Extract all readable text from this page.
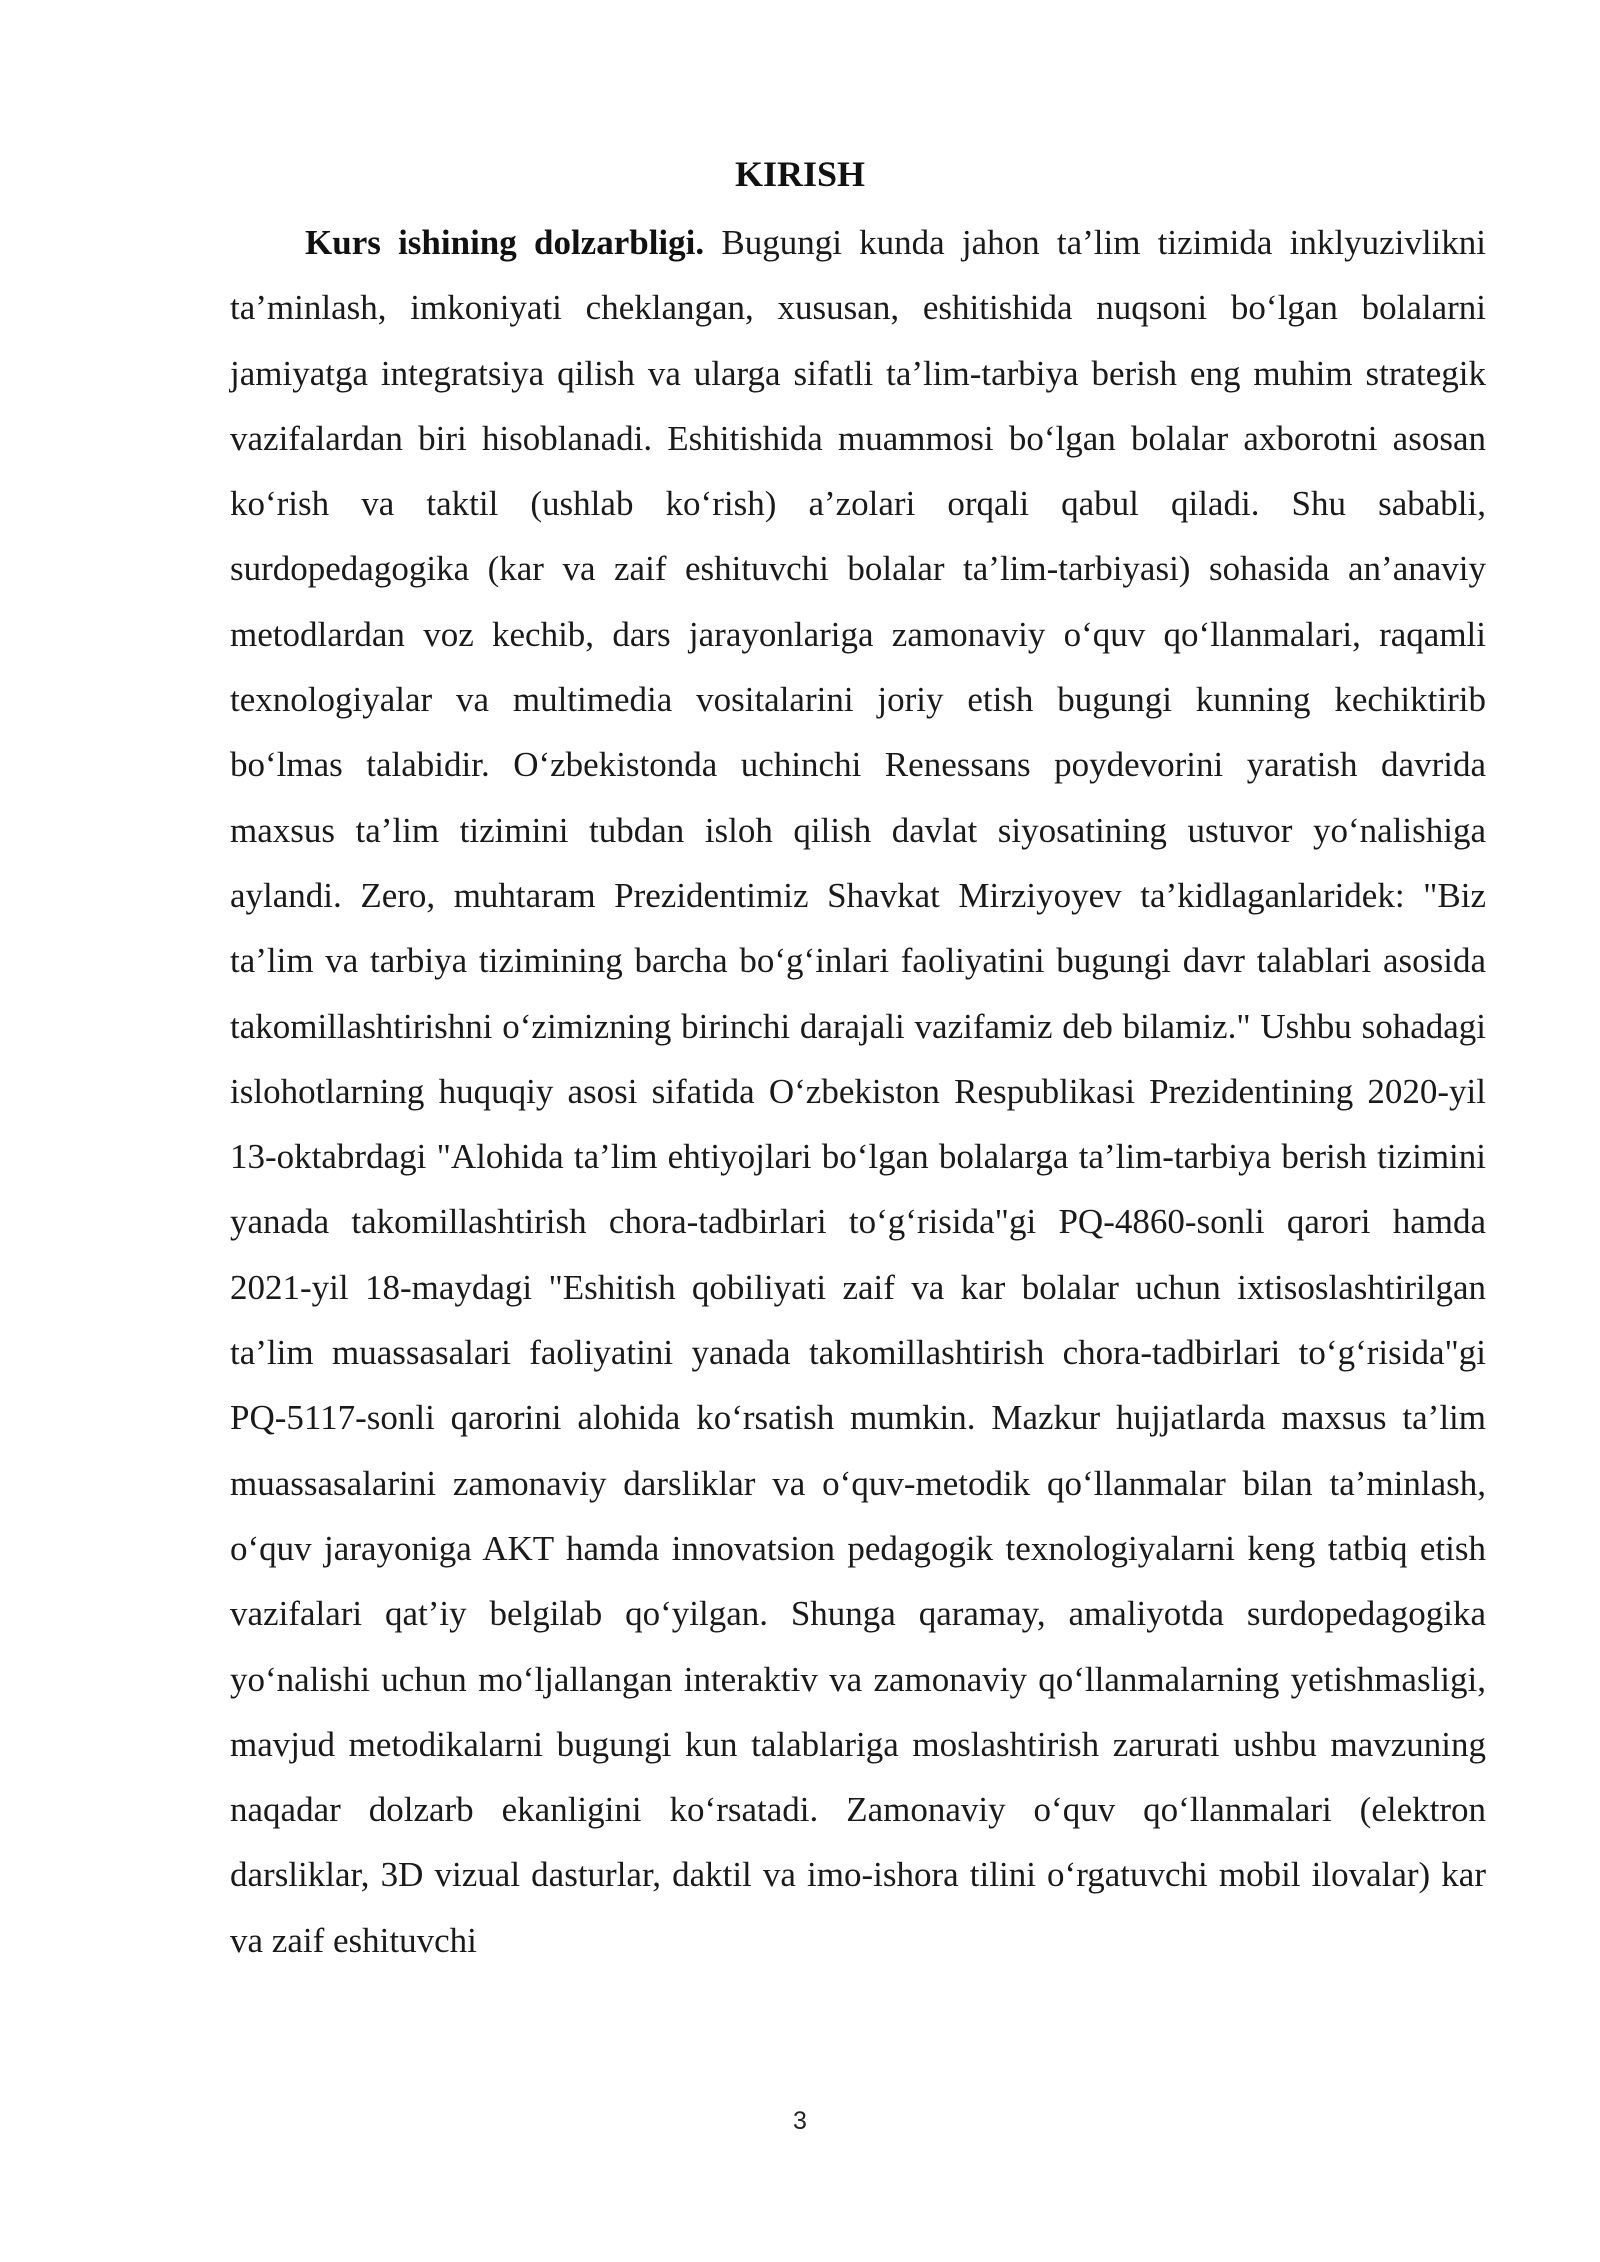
KIRISH

Kurs ishining dolzarbligi. Bugungi kunda jahon ta’lim tizimida inklyuzivlikni ta’minlash, imkoniyati cheklangan, xususan, eshitishida nuqsoni bo‘lgan bolalarni jamiyatga integratsiya qilish va ularga sifatli ta’lim-tarbiya berish eng muhim strategik vazifalardan biri hisoblanadi. Eshitishida muammosi bo‘lgan bolalar axborotni asosan ko‘rish va taktil (ushlab ko‘rish) a’zolari orqali qabul qiladi. Shu sababli, surdopedagogika (kar va zaif eshituvchi bolalar ta’lim-tarbiyasi) sohasida an’anaviy metodlardan voz kechib, dars jarayonlariga zamonaviy o‘quv qo‘llanmalari, raqamli texnologiyalar va multimedia vositalarini joriy etish bugungi kunning kechiktirib bo‘lmas talabidir. O‘zbekistonda uchinchi Renessans poydevorini yaratish davrida maxsus ta’lim tizimini tubdan isloh qilish davlat siyosatining ustuvor yo‘nalishiga aylandi. Zero, muhtaram Prezidentimiz Shavkat Mirziyoyev ta’kidlaganlaridek: "Biz ta’lim va tarbiya tizimining barcha bo‘g‘inlari faoliyatini bugungi davr talablari asosida takomillashtirishni o‘zimizning birinchi darajali vazifamiz deb bilamiz." Ushbu sohadagi islohotlarning huquqiy asosi sifatida O‘zbekiston Respublikasi Prezidentining 2020-yil 13-oktabrdagi "Alohida ta’lim ehtiyojlari bo‘lgan bolalarga ta’lim-tarbiya berish tizimini yanada takomillashtirish chora-tadbirlari to‘g‘risida"gi PQ-4860-sonli qarori hamda 2021-yil 18-maydagi "Eshitish qobiliyati zaif va kar bolalar uchun ixtisoslashtirilgan ta’lim muassasalari faoliyatini yanada takomillashtirish chora-tadbirlari to‘g‘risida"gi PQ-5117-sonli qarorini alohida ko‘rsatish mumkin. Mazkur hujjatlarda maxsus ta’lim muassasalarini zamonaviy darsliklar va o‘quv-metodik qo‘llanmalar bilan ta’minlash, o‘quv jarayoniga AKT hamda innovatsion pedagogik texnologiyalarni keng tatbiq etish vazifalari qat’iy belgilab qo‘yilgan. Shunga qaramay, amaliyotda surdopedagogika yo‘nalishi uchun mo‘ljallangan interaktiv va zamonaviy qo‘llanmalarning yetishmasligi, mavjud metodikalarni bugungi kun talablariga moslashtirish zarurati ushbu mavzuning naqadar dolzarb ekanligini ko‘rsatadi. Zamonaviy o‘quv qo‘llanmalari (elektron darsliklar, 3D vizual dasturlar, daktil va imo-ishora tilini o‘rgatuvchi mobil ilovalar) kar va zaif eshituvchi

3
